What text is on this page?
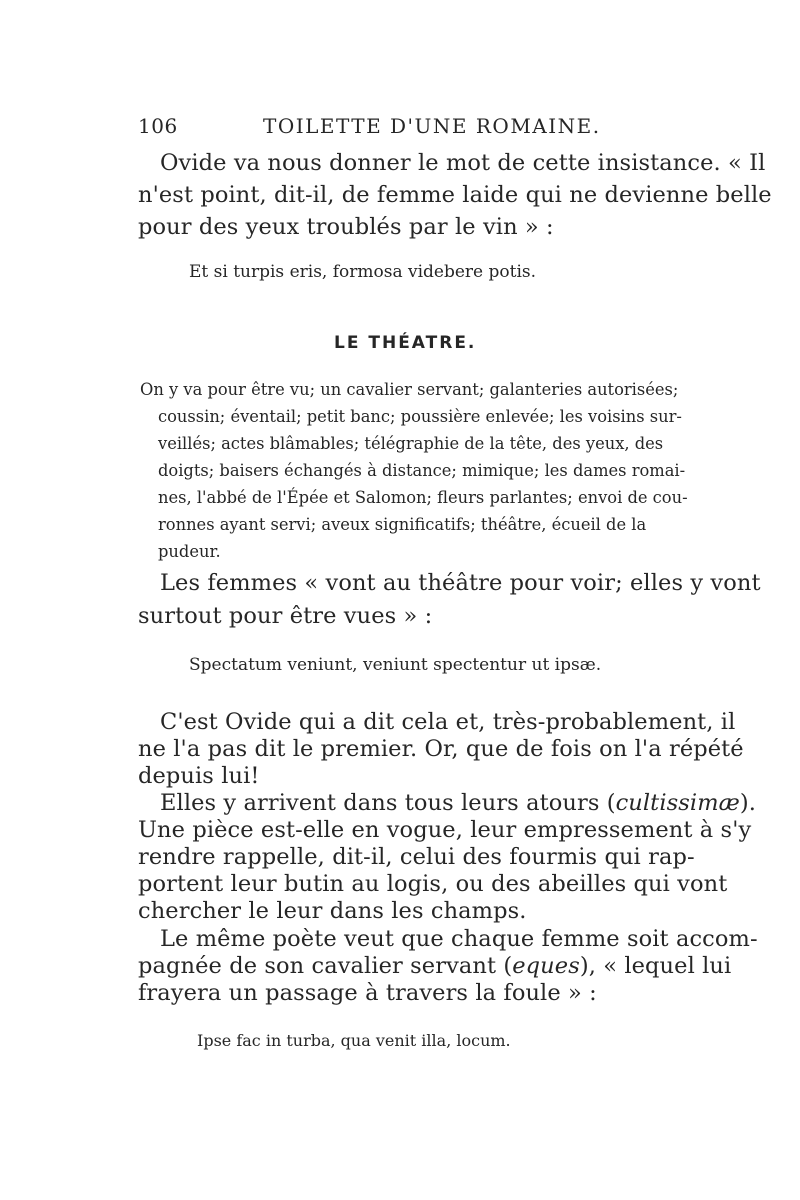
106	TOILETTE D'UNE ROMAINE.
Ovide va nous donner le mot de cette insistance. « Il
n'est point, dit-il, de femme laide qui ne devienne belle
pour des yeux troublés par le vin » :
Et si turpis eris, formosa videbere potis.
LE THÉATRE.
On y va pour être vu; un cavalier servant; galanteries autorisées;
coussin; éventail; petit banc; poussière enlevée; les voisins sur-
veillés; actes blâmables; télégraphie de la tête, des yeux, des
doigts; baisers échangés à distance; mimique; les dames romai-
nes, l'abbé de l'Épée et Salomon; fleurs parlantes; envoi de cou-
ronnes ayant servi; aveux significatifs; théâtre, écueil de la
pudeur.
Les femmes « vont au théâtre pour voir; elles y vont
surtout pour être vues » :
Spectatum veniunt, veniunt spectentur ut ipsæ.
C'est Ovide qui a dit cela et, très-probablement, il
ne l'a pas dit le premier. Or, que de fois on l'a répété
depuis lui!
Elles y arrivent dans tous leurs atours (cultissimæ).
Une pièce est-elle en vogue, leur empressement à s'y
rendre rappelle, dit-il, celui des fourmis qui rap-
portent leur butin au logis, ou des abeilles qui vont
chercher le leur dans les champs.
Le même poète veut que chaque femme soit accom-
pagnée de son cavalier servant (eques), « lequel lui
frayera un passage à travers la foule » :
Ipse fac in turba, qua venit illa, locum.
